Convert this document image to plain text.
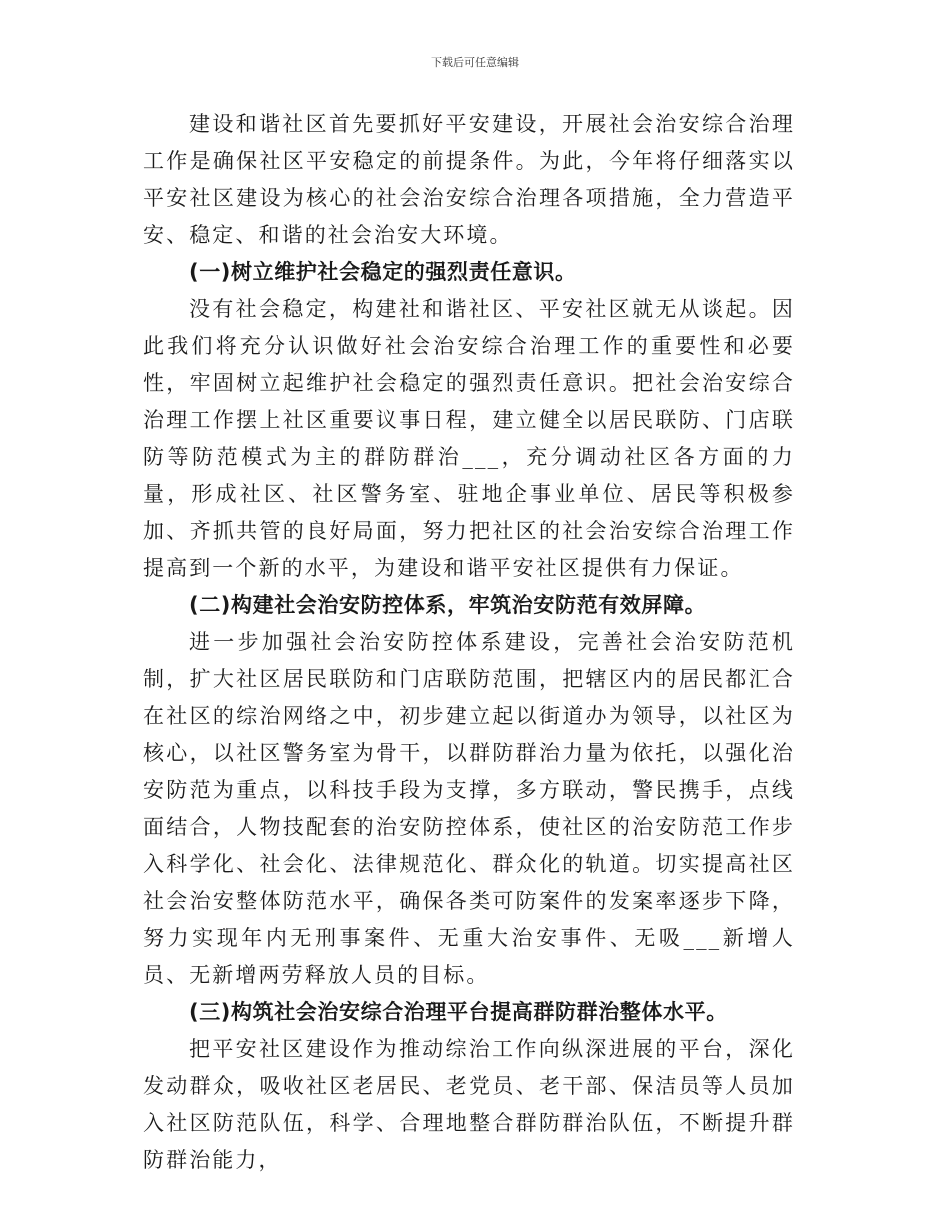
下载后可任意编辑

建设和谐社区首先要抓好平安建设，开展社会治安综合治理工作是确保社区平安稳定的前提条件。为此，今年将仔细落实以平安社区建设为核心的社会治安综合治理各项措施，全力营造平安、稳定、和谐的社会治安大环境。

(一)树立维护社会稳定的强烈责任意识。

没有社会稳定，构建社和谐社区、平安社区就无从谈起。因此我们将充分认识做好社会治安综合治理工作的重要性和必要性，牢固树立起维护社会稳定的强烈责任意识。把社会治安综合治理工作摆上社区重要议事日程，建立健全以居民联防、门店联防等防范模式为主的群防群治___，充分调动社区各方面的力量，形成社区、社区警务室、驻地企事业单位、居民等积极参加、齐抓共管的良好局面，努力把社区的社会治安综合治理工作提高到一个新的水平，为建设和谐平安社区提供有力保证。

(二)构建社会治安防控体系，牢筑治安防范有效屏障。

进一步加强社会治安防控体系建设，完善社会治安防范机制，扩大社区居民联防和门店联防范围，把辖区内的居民都汇合在社区的综治网络之中，初步建立起以街道办为领导，以社区为核心，以社区警务室为骨干，以群防群治力量为依托，以强化治安防范为重点，以科技手段为支撑，多方联动，警民携手，点线面结合，人物技配套的治安防控体系，使社区的治安防范工作步入科学化、社会化、法律规范化、群众化的轨道。切实提高社区社会治安整体防范水平，确保各类可防案件的发案率逐步下降，努力实现年内无刑事案件、无重大治安事件、无吸___新增人员、无新增两劳释放人员的目标。

(三)构筑社会治安综合治理平台提高群防群治整体水平。

把平安社区建设作为推动综治工作向纵深进展的平台，深化发动群众，吸收社区老居民、老党员、老干部、保洁员等人员加入社区防范队伍，科学、合理地整合群防群治队伍，不断提升群防群治能力，
